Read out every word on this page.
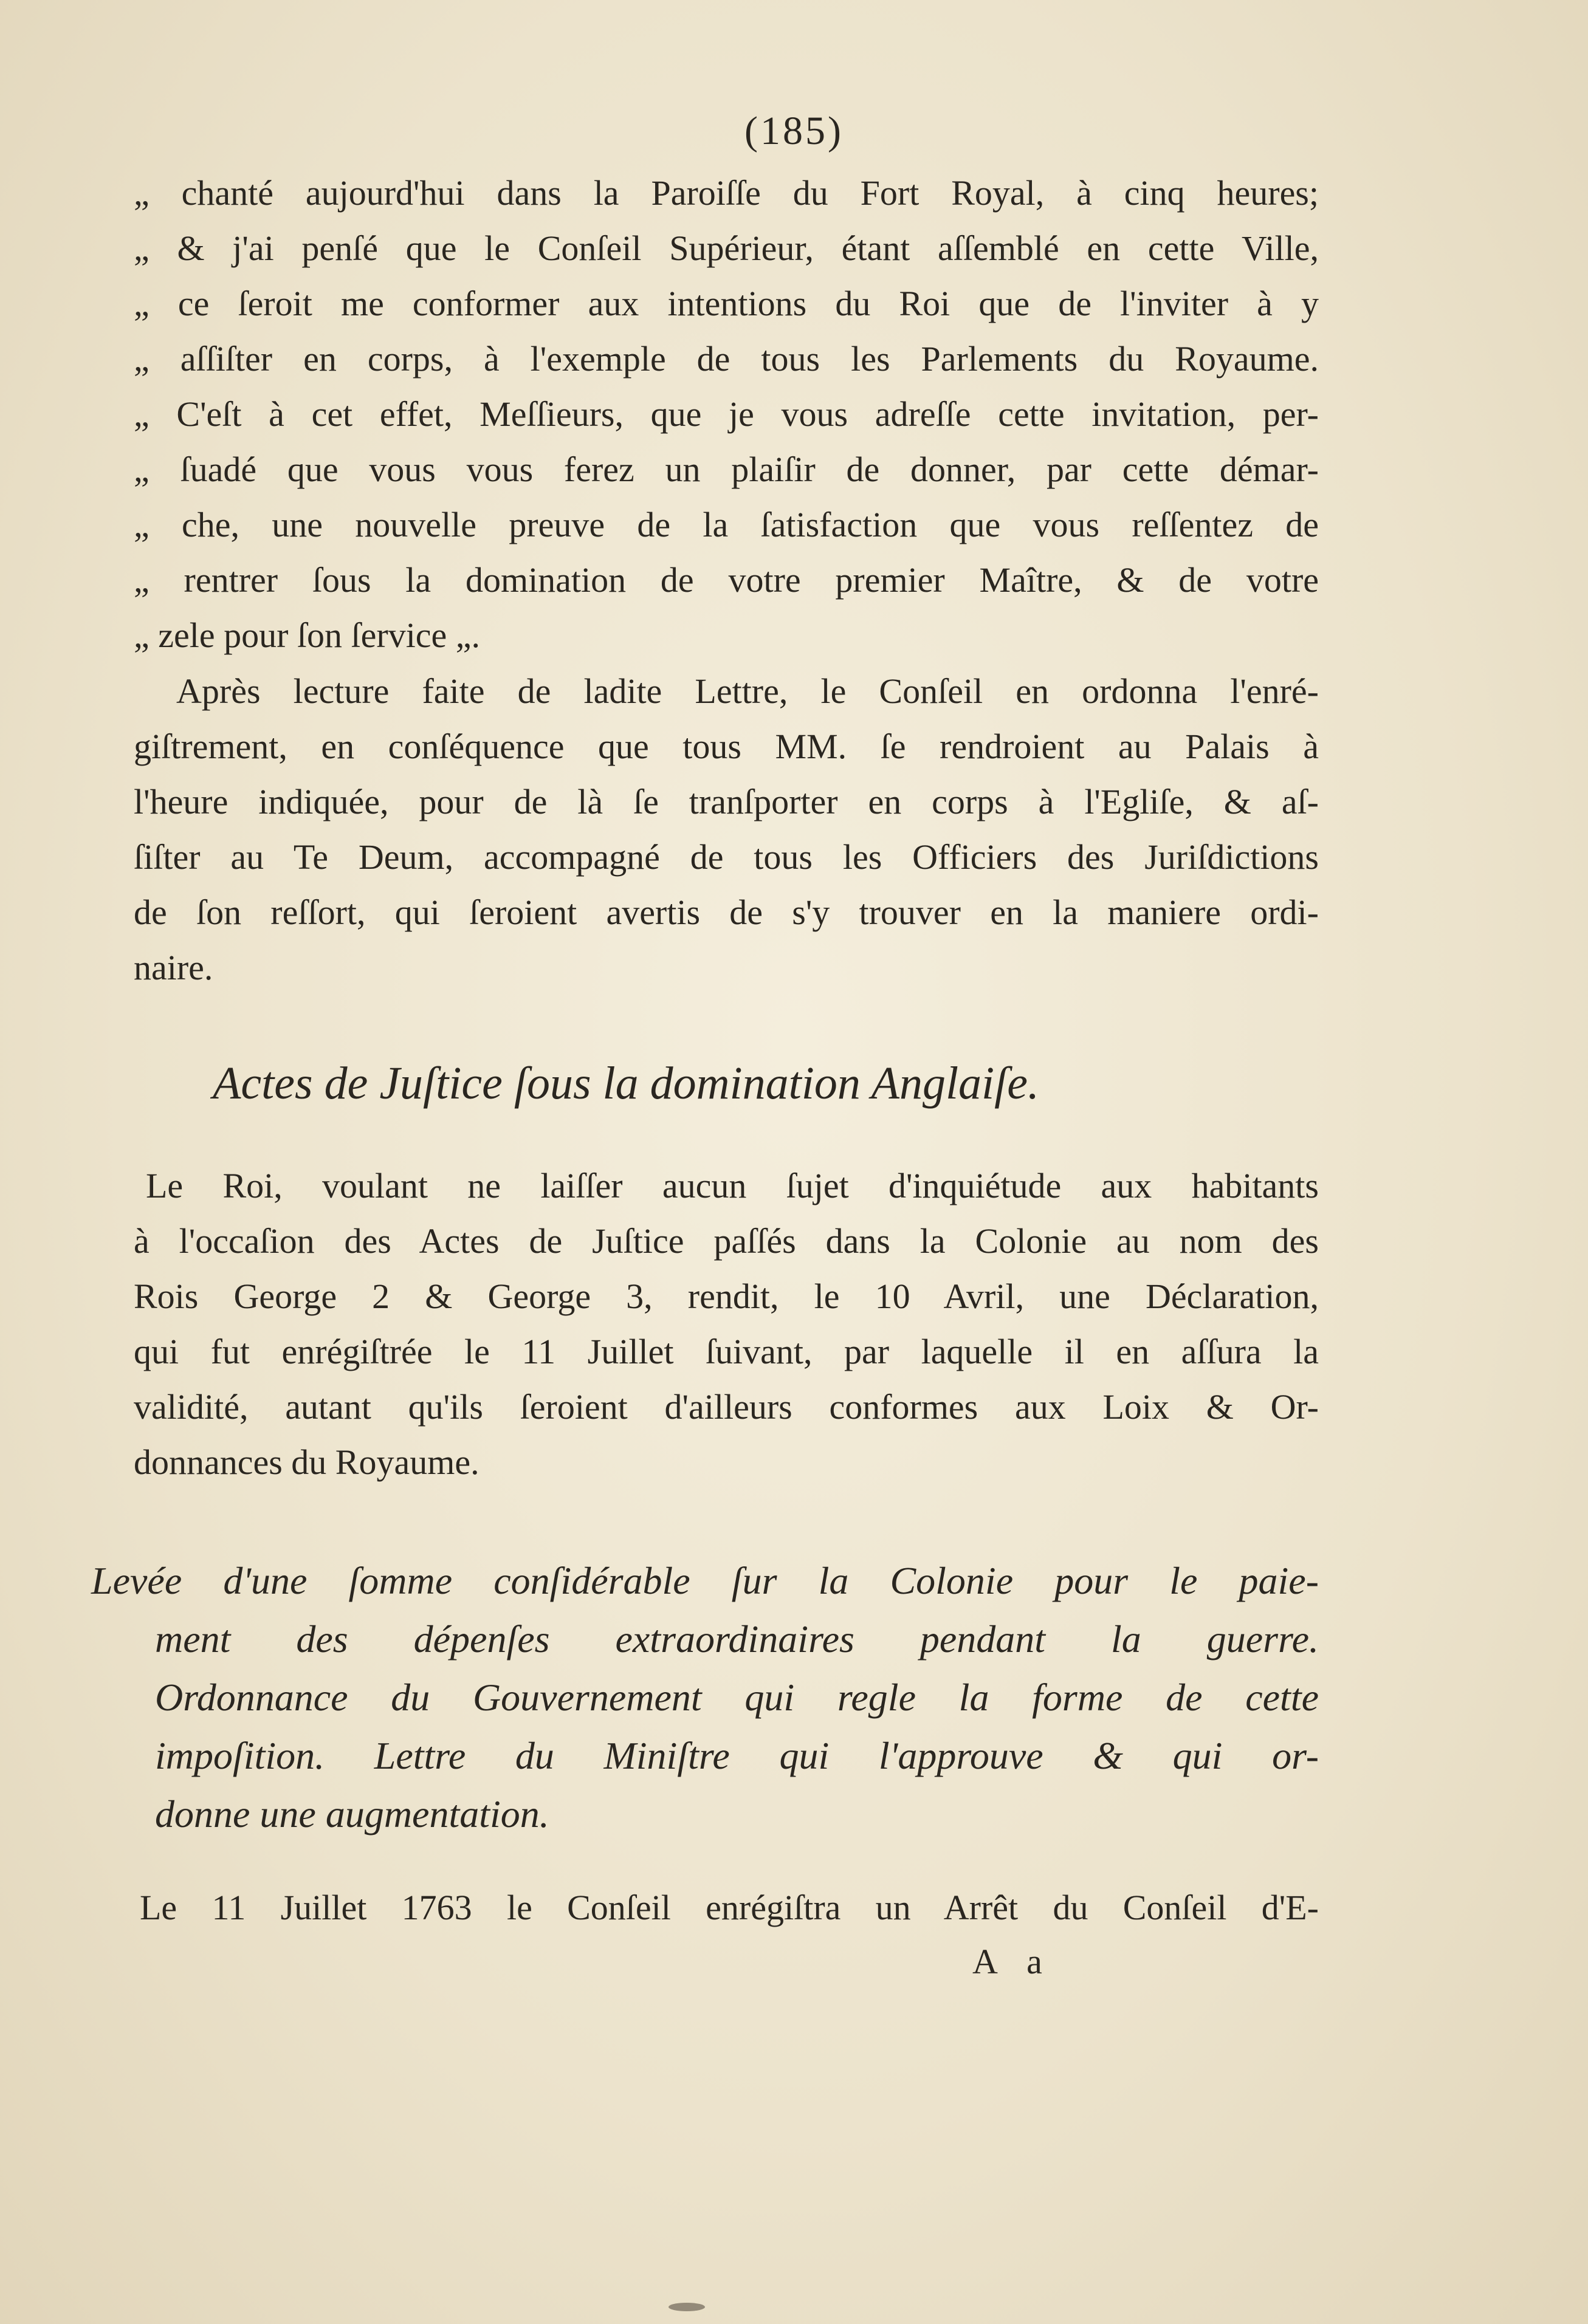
(185)
„ chanté aujourd'hui dans la Paroiſſe du Fort Royal, à cinq heures;
„ & j'ai penſé que le Conſeil Supérieur, étant aſſemblé en cette Ville,
„ ce ſeroit me conformer aux intentions du Roi que de l'inviter à y
„ aſſiſter en corps, à l'exemple de tous les Parlements du Royaume.
„ C'eſt à cet effet, Meſſieurs, que je vous adreſſe cette invitation, per-
„ ſuadé que vous vous ferez un plaiſir de donner, par cette démar-
„ che, une nouvelle preuve de la ſatisfaction que vous reſſentez de
„ rentrer ſous la domination de votre premier Maître, & de votre
„ zele pour ſon ſervice „.
Après lecture faite de ladite Lettre, le Conſeil en ordonna l'enré-
giſtrement, en conſéquence que tous MM. ſe rendroient au Palais à
l'heure indiquée, pour de là ſe tranſporter en corps à l'Egliſe, & aſ-
ſiſter au Te Deum, accompagné de tous les Officiers des Juriſdictions
de ſon reſſort, qui ſeroient avertis de s'y trouver en la maniere ordi-
naire.
Actes de Juſtice ſous la domination Anglaiſe.
Le Roi, voulant ne laiſſer aucun ſujet d'inquiétude aux habitants
à l'occaſion des Actes de Juſtice paſſés dans la Colonie au nom des
Rois George 2 & George 3, rendit, le 10 Avril, une Déclaration,
qui fut enrégiſtrée le 11 Juillet ſuivant, par laquelle il en aſſura la
validité, autant qu'ils ſeroient d'ailleurs conformes aux Loix & Or-
donnances du Royaume.
Levée d'une ſomme conſidérable ſur la Colonie pour le paie-
ment des dépenſes extraordinaires pendant la guerre.
Ordonnance du Gouvernement qui regle la forme de cette
impoſition. Lettre du Miniſtre qui l'approuve & qui or-
donne une augmentation.
Le 11 Juillet 1763 le Conſeil enrégiſtra un Arrêt du Conſeil d'E-
A a
